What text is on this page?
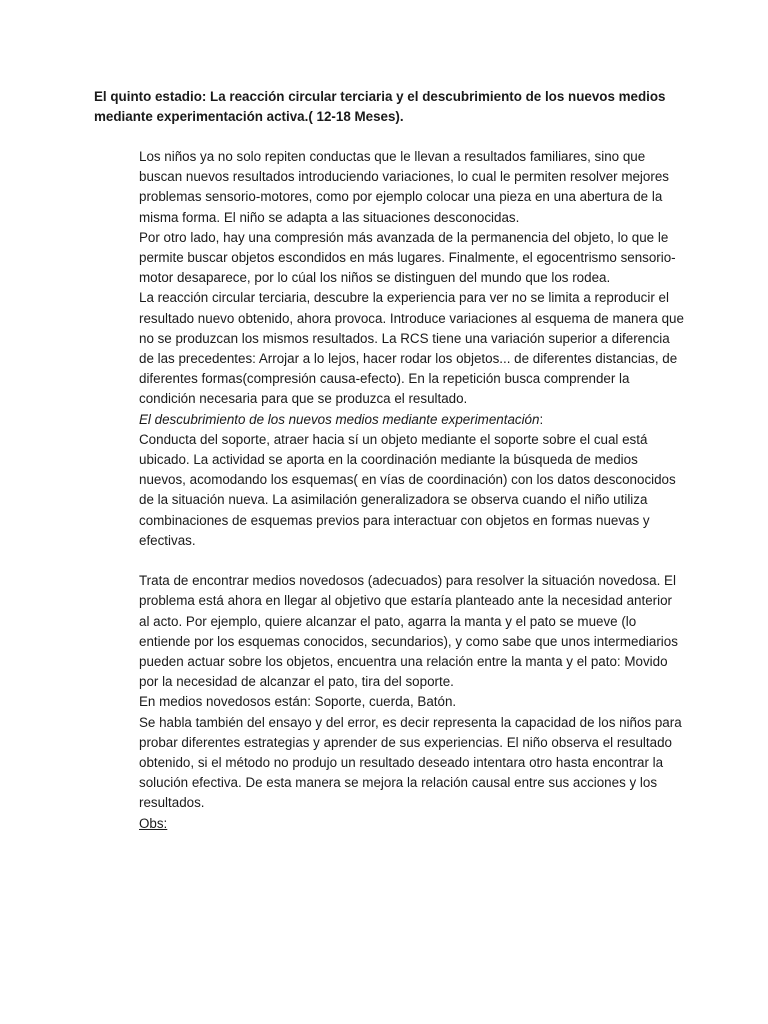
El quinto estadio: La reacción circular terciaria y el descubrimiento de los nuevos medios mediante experimentación activa.( 12-18 Meses).

Los niños ya no solo repiten conductas que le llevan a resultados familiares, sino que buscan nuevos resultados introduciendo variaciones, lo cual le permiten resolver mejores problemas sensorio-motores, como por ejemplo colocar una pieza en una abertura de la misma forma. El niño se adapta a las situaciones desconocidas.

Por otro lado, hay una compresión más avanzada de la permanencia del objeto, lo que le permite buscar objetos escondidos en más lugares. Finalmente, el egocentrismo sensorio-motor desaparece, por lo cúal los niños se distinguen del mundo que los rodea.

La reacción circular terciaria, descubre la experiencia para ver no se limita a reproducir el resultado nuevo obtenido, ahora provoca. Introduce variaciones al esquema de manera que no se produzcan los mismos resultados. La RCS tiene una variación superior a diferencia de las precedentes: Arrojar a lo lejos, hacer rodar los objetos... de diferentes distancias, de diferentes formas(compresión causa-efecto). En la repetición busca comprender la condición necesaria para que se produzca el resultado.

El descubrimiento de los nuevos medios mediante experimentación:

Conducta del soporte, atraer hacia sí un objeto mediante el soporte sobre el cual está ubicado. La actividad se aporta en la coordinación mediante la búsqueda de medios nuevos, acomodando los esquemas( en vías de coordinación) con los datos desconocidos de la situación nueva. La asimilación generalizadora se observa cuando el niño utiliza combinaciones de esquemas previos para interactuar con objetos en formas nuevas y efectivas.

Trata de encontrar medios novedosos (adecuados) para resolver la situación novedosa. El problema está ahora en llegar al objetivo que estaría planteado ante la necesidad anterior al acto. Por ejemplo, quiere alcanzar el pato, agarra la manta y el pato se mueve (lo entiende por los esquemas conocidos, secundarios), y como sabe que unos intermediarios pueden actuar sobre los objetos, encuentra una relación entre la manta y el pato: Movido por la necesidad de alcanzar el pato, tira del soporte.

En medios novedosos están: Soporte, cuerda, Batón.

Se habla también del ensayo y del error, es decir representa la capacidad de los niños para probar diferentes estrategias y aprender de sus experiencias. El niño observa el resultado obtenido, si el método no produjo un resultado deseado intentara otro hasta encontrar la solución efectiva. De esta manera se mejora la relación causal entre sus acciones y los resultados.

Obs:
